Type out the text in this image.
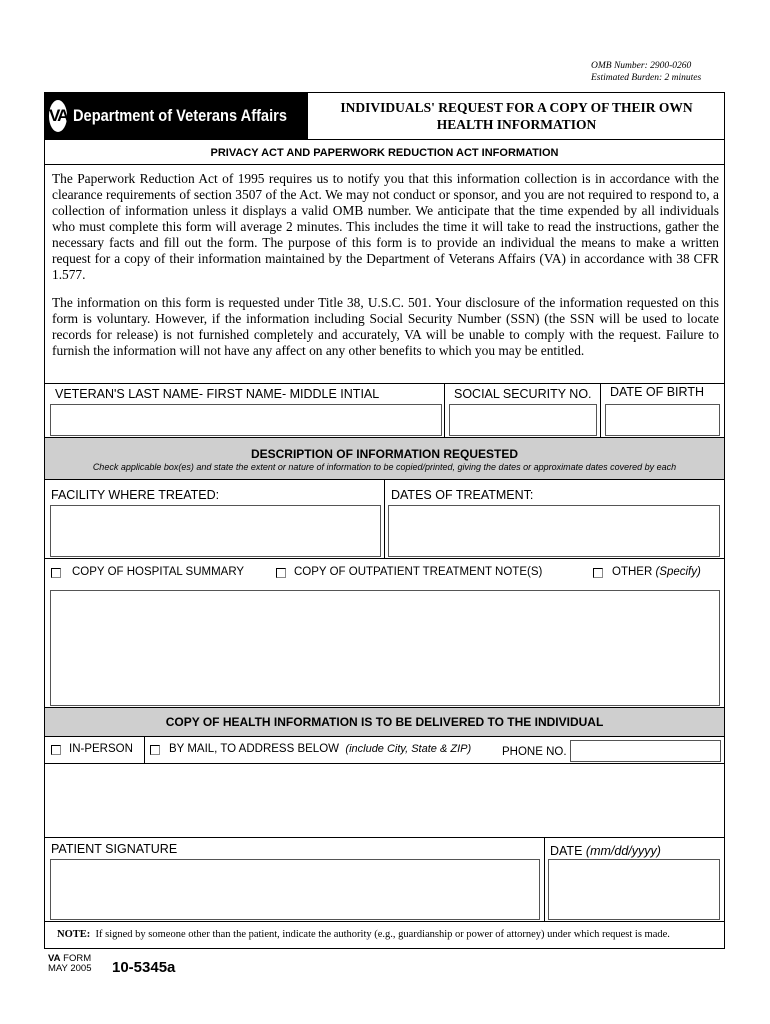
OMB Number: 2900-0260
Estimated Burden: 2 minutes
VA Department of Veterans Affairs	INDIVIDUALS' REQUEST FOR A COPY OF THEIR OWN
HEALTH INFORMATION
PRIVACY ACT AND PAPERWORK REDUCTION ACT INFORMATION

The Paperwork Reduction Act of 1995 requires us to notify you that this information collection is in accordance with the clearance requirements of section 3507 of the Act. We may not conduct or sponsor, and you are not required to respond to, a collection of information unless it displays a valid OMB number. We anticipate that the time expended by all individuals who must complete this form will average 2 minutes. This includes the time it will take to read the instructions, gather the necessary facts and fill out the form. The purpose of this form is to provide an individual the means to make a written request for a copy of their information maintained by the Department of Veterans Affairs (VA) in accordance with 38 CFR 1.577.

The information on this form is requested under Title 38, U.S.C. 501. Your disclosure of the information requested on this form is voluntary. However, if the information including Social Security Number (SSN) (the SSN will be used to locate records for release) is not furnished completely and accurately, VA will be unable to comply with the request. Failure to furnish the information will not have any affect on any other benefits to which you may be entitled.

VETERAN'S LAST NAME- FIRST NAME- MIDDLE INTIAL	SOCIAL SECURITY NO. DATE OF BIRTH
DESCRIPTION OF INFORMATION REQUESTED
Check applicable box(es) and state the extent or nature of information to be copied/printed, giving the dates or approximate dates covered by each
FACILITY WHERE TREATED:	DATES OF TREATMENT:
COPY OF HOSPITAL SUMMARY	COPY OF OUTPATIENT TREATMENT NOTE(S)	OTHER (Specify)
COPY OF HEALTH INFORMATION IS TO BE DELIVERED TO THE INDIVIDUAL
IN-PERSON	BY MAIL, TO ADDRESS BELOW (include City, State & ZIP)	PHONE NO.
PATIENT SIGNATURE	DATE (mm/dd/yyyy)
NOTE: If signed by someone other than the patient, indicate the authority (e.g., guardianship or power of attorney) under which request is made.
VA FORM
MAY 2005 10-5345a
